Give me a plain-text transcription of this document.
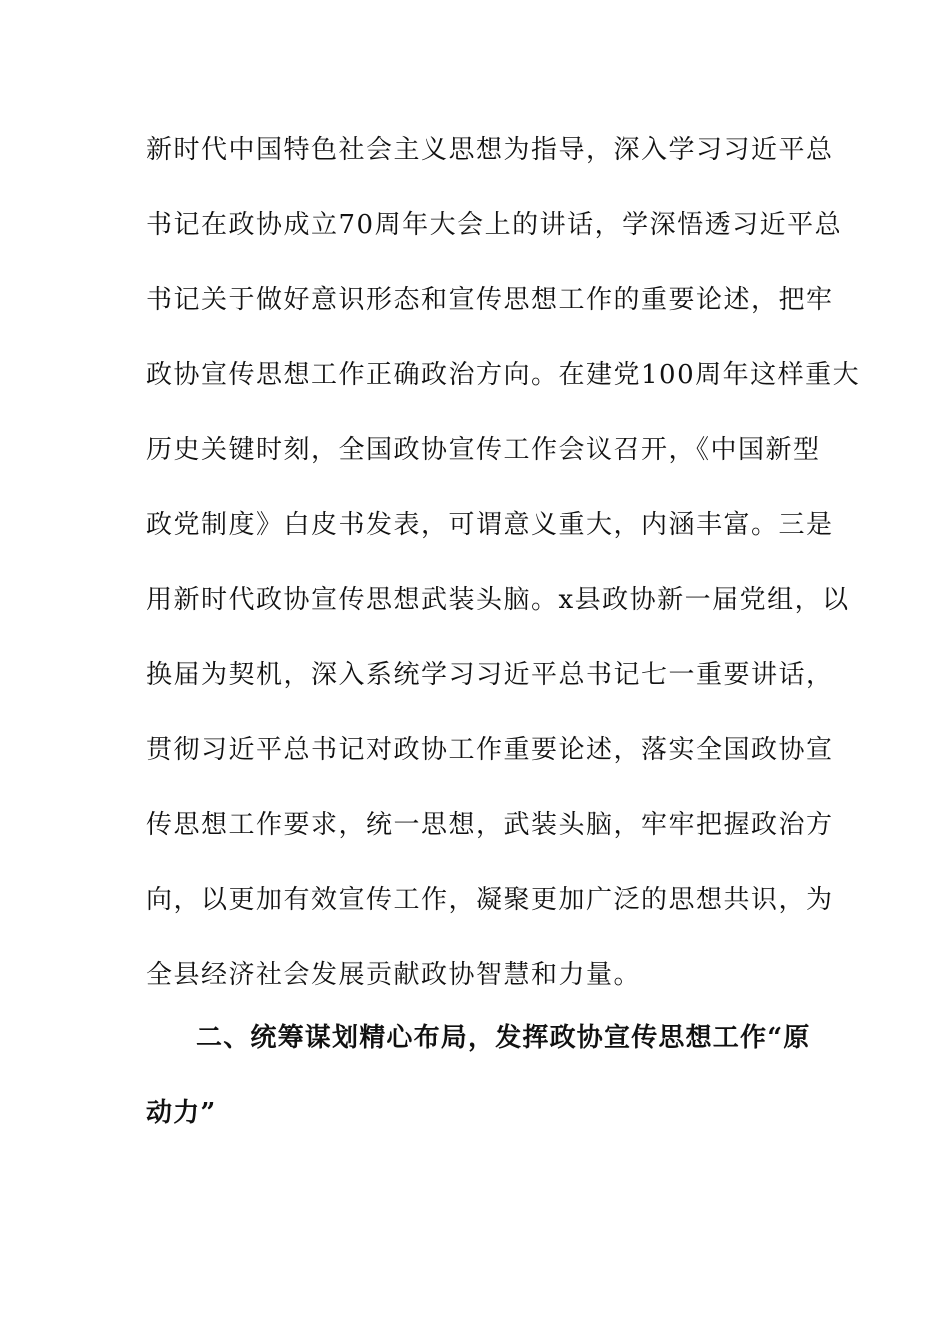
新时代中国特色社会主义思想为指导，深入学习习近平总

书记在政协成立70周年大会上的讲话，学深悟透习近平总

书记关于做好意识形态和宣传思想工作的重要论述，把牢

政协宣传思想工作正确政治方向。在建党100周年这样重大

历史关键时刻，全国政协宣传工作会议召开，《中国新型

政党制度》白皮书发表，可谓意义重大，内涵丰富。三是

用新时代政协宣传思想武装头脑。x县政协新一届党组，以

换届为契机，深入系统学习习近平总书记七一重要讲话，

贯彻习近平总书记对政协工作重要论述，落实全国政协宣

传思想工作要求，统一思想，武装头脑，牢牢把握政治方

向，以更加有效宣传工作，凝聚更加广泛的思想共识，为

全县经济社会发展贡献政协智慧和力量。

二、统筹谋划精心布局，发挥政协宣传思想工作“原

动力”
